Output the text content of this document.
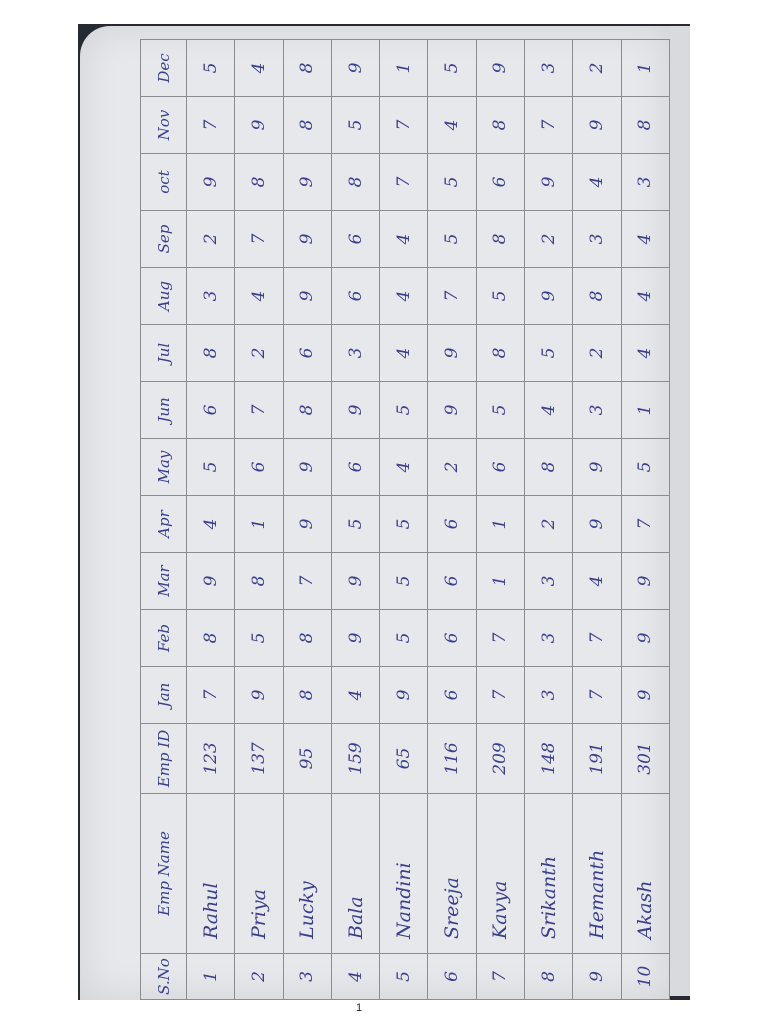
S.No	Emp Name	Emp ID	Jan	Feb	Mar	Apr	May	Jun	Jul	Aug	Sep	oct	Nov	Dec
1	Rahul	123	7	8	9	4	5	6	8	3	2	9	7	5
2	Priya	137	9	5	8	1	6	7	2	4	7	8	9	4
3	Lucky	95	8	8	7	9	9	8	6	9	9	9	8	8
4	Bala	159	4	9	9	5	6	9	3	6	6	8	5	9
5	Nandini	65	9	5	5	5	4	5	4	4	4	7	7	1
6	Sreeja	116	6	6	6	6	2	9	9	7	5	5	4	5
7	Kavya	209	7	7	1	1	6	5	8	5	8	6	8	9
8	Srikanth	148	3	3	3	2	8	4	5	9	2	9	7	3
9	Hemanth	191	7	7	4	9	9	3	2	8	3	4	9	2
10	Akash	301	9	9	9	7	5	1	4	4	4	3	8	1
1
